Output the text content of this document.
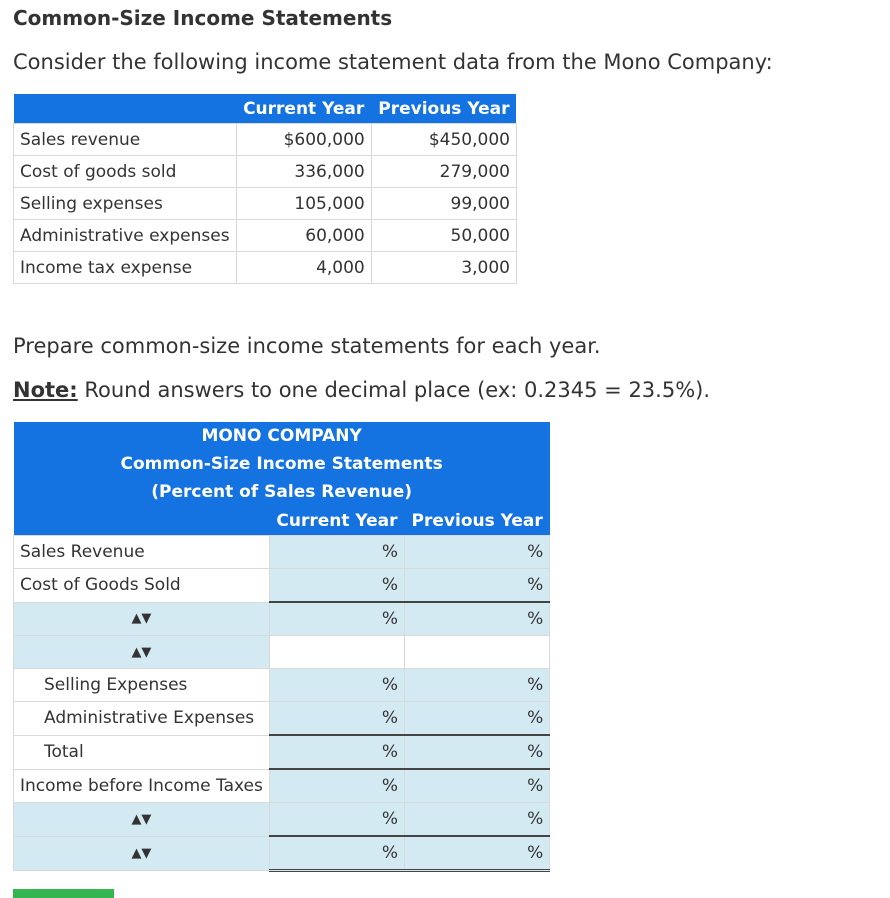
Common-Size Income Statements
Consider the following income statement data from the Mono Company:
	Current Year	Previous Year
Sales revenue	$600,000	$450,000
Cost of goods sold	336,000	279,000
Selling expenses	105,000	99,000
Administrative expenses	60,000	50,000
Income tax expense	4,000	3,000
Prepare common-size income statements for each year.
Note: Round answers to one decimal place (ex: 0.2345 = 23.5%).
MONO COMPANY		
Common-Size Income Statements		
(Percent of Sales Revenue)		
	Current Year	Previous Year
Sales Revenue	%	%
Cost of Goods Sold	%	%
▲▼	%	%
▲▼		
Selling Expenses	%	%
Administrative Expenses	%	%
Total	%	%
Income before Income Taxes	%	%
▲▼	%	%
▲▼	%	%
